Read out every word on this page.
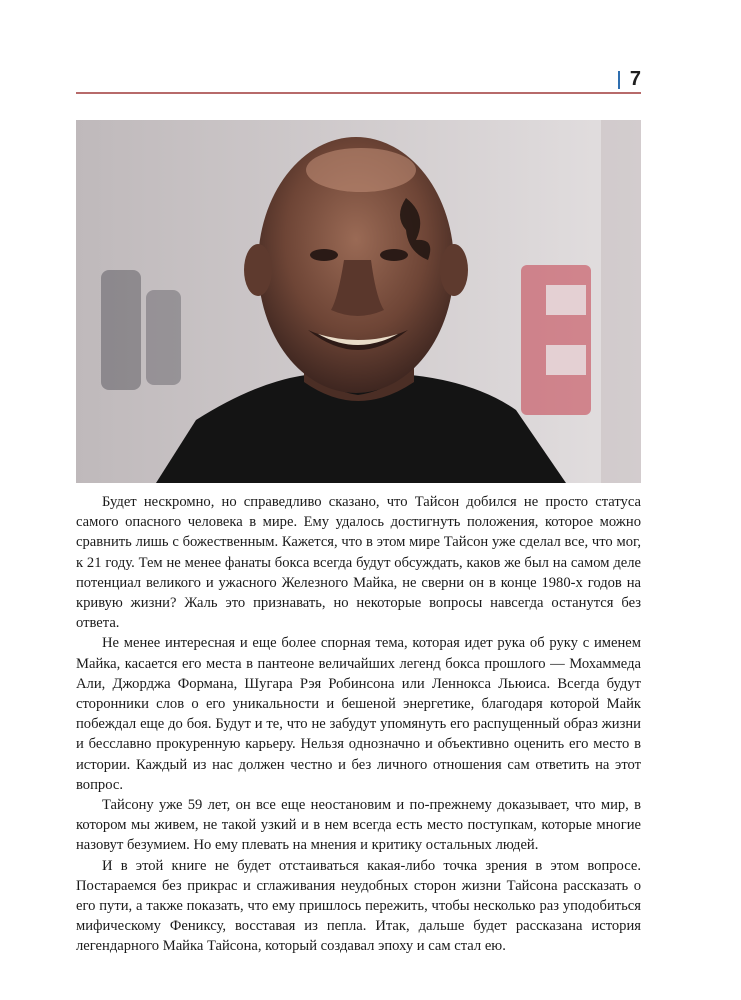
7

Будет нескромно, но справедливо сказано, что Тайсон добился не просто статуса самого опасного человека в мире. Ему удалось достигнуть положения, которое можно сравнить лишь с божественным. Кажется, что в этом мире Тайсон уже сделал все, что мог, к 21 году. Тем не менее фанаты бокса всегда будут обсуждать, каков же был на самом деле потенциал великого и ужасного Железного Майка, не сверни он в конце 1980-х годов на кривую жизни? Жаль это признавать, но некоторые вопросы навсегда останутся без ответа.

Не менее интересная и еще более спорная тема, которая идет рука об руку с именем Майка, касается его места в пантеоне величайших легенд бокса прошлого — Мохаммеда Али, Джорджа Формана, Шугара Рэя Робинсона или Леннокса Льюиса. Всегда будут сторонники слов о его уникальности и бешеной энергетике, благодаря которой Майк побеждал еще до боя. Будут и те, что не забудут упомянуть его распущенный образ жизни и бесславно прокуренную карьеру. Нельзя однозначно и объективно оценить его место в истории. Каждый из нас должен честно и без личного отношения сам ответить на этот вопрос.

Тайсону уже 59 лет, он все еще неостановим и по-прежнему доказывает, что мир, в котором мы живем, не такой узкий и в нем всегда есть место поступкам, которые многие назовут безумием. Но ему плевать на мнения и критику остальных людей.

И в этой книге не будет отстаиваться какая-либо точка зрения в этом вопросе. Постараемся без прикрас и сглаживания неудобных сторон жизни Тайсона рассказать о его пути, а также показать, что ему пришлось пережить, чтобы несколько раз уподобиться мифическому Фениксу, восставая из пепла. Итак, дальше будет рассказана история легендарного Майка Тайсона, который создавал эпоху и сам стал ею.
